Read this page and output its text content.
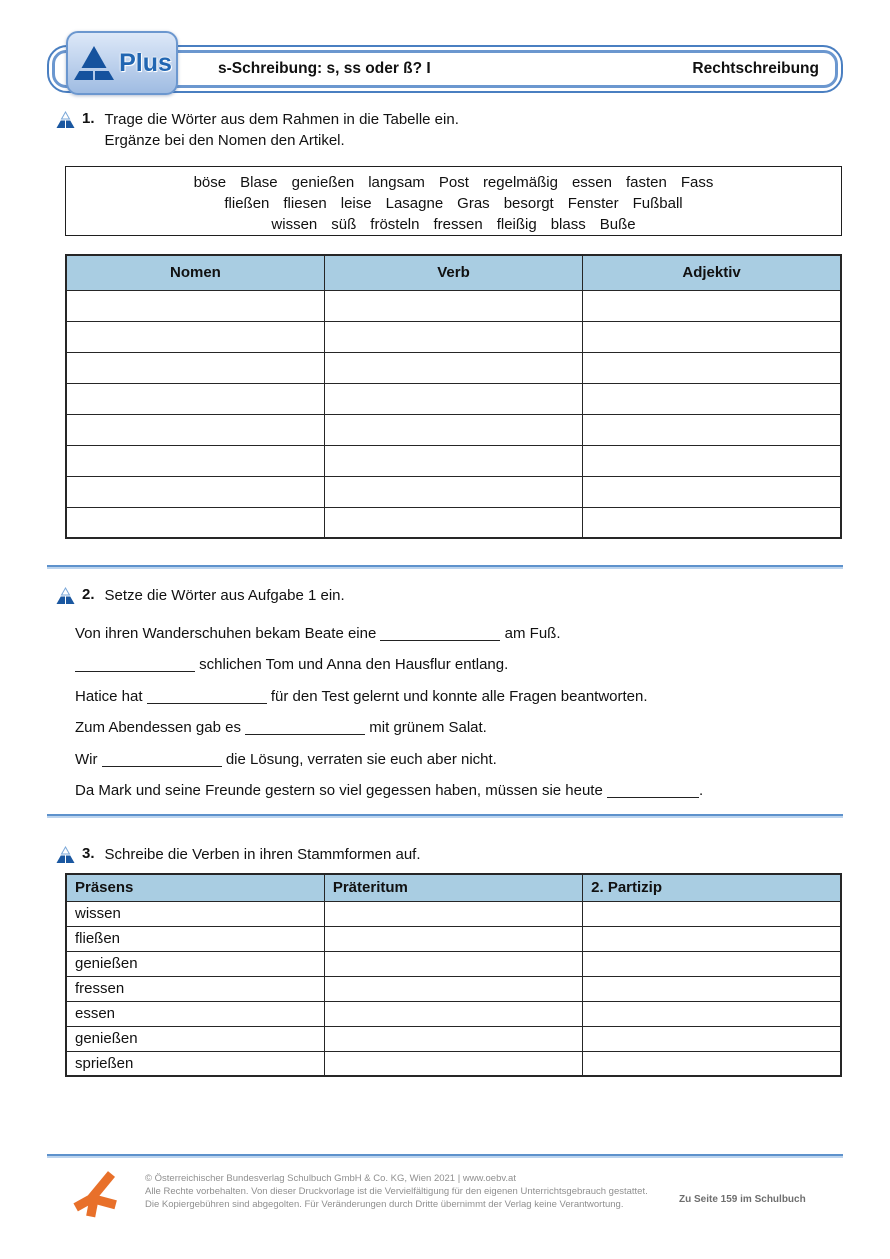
s-Schreibung: s, ss oder ß? I	Rechtschreibung
Plus
1. Trage die Wörter aus dem Rahmen in die Tabelle ein.
Ergänze bei den Nomen den Artikel.
böse Blase genießen langsam Post regelmäßig essen fasten Fass
fließen fliesen leise Lasagne Gras besorgt Fenster Fußball
wissen süß frösteln fressen fleißig blass Buße
Nomen	Verb	Adjektiv

2. Setze die Wörter aus Aufgabe 1 ein.
Von ihren Wanderschuhen bekam Beate eine	am Fuß.
schlichen Tom und Anna den Hausflur entlang.
Hatice hat	für den Test gelernt und konnte alle Fragen beantworten.
Zum Abendessen gab es	mit grünem Salat.
Wir	die Lösung, verraten sie euch aber nicht.
Da Mark und seine Freunde gestern so viel gegessen haben, müssen sie heute	.
3. Schreibe die Verben in ihren Stammformen auf.
Präsens	Präteritum	2. Partizip
wissen		
fließen		
genießen		
fressen		
essen		
genießen		
sprießen		
© Österreichischer Bundesverlag Schulbuch GmbH & Co. KG, Wien 2021 | www.oebv.at
Alle Rechte vorbehalten. Von dieser Druckvorlage ist die Vervielfältigung für den eigenen Unterrichtsgebrauch gestattet.
Die Kopiergebühren sind abgegolten. Für Veränderungen durch Dritte übernimmt der Verlag keine Verantwortung.	Zu Seite 159 im Schulbuch
